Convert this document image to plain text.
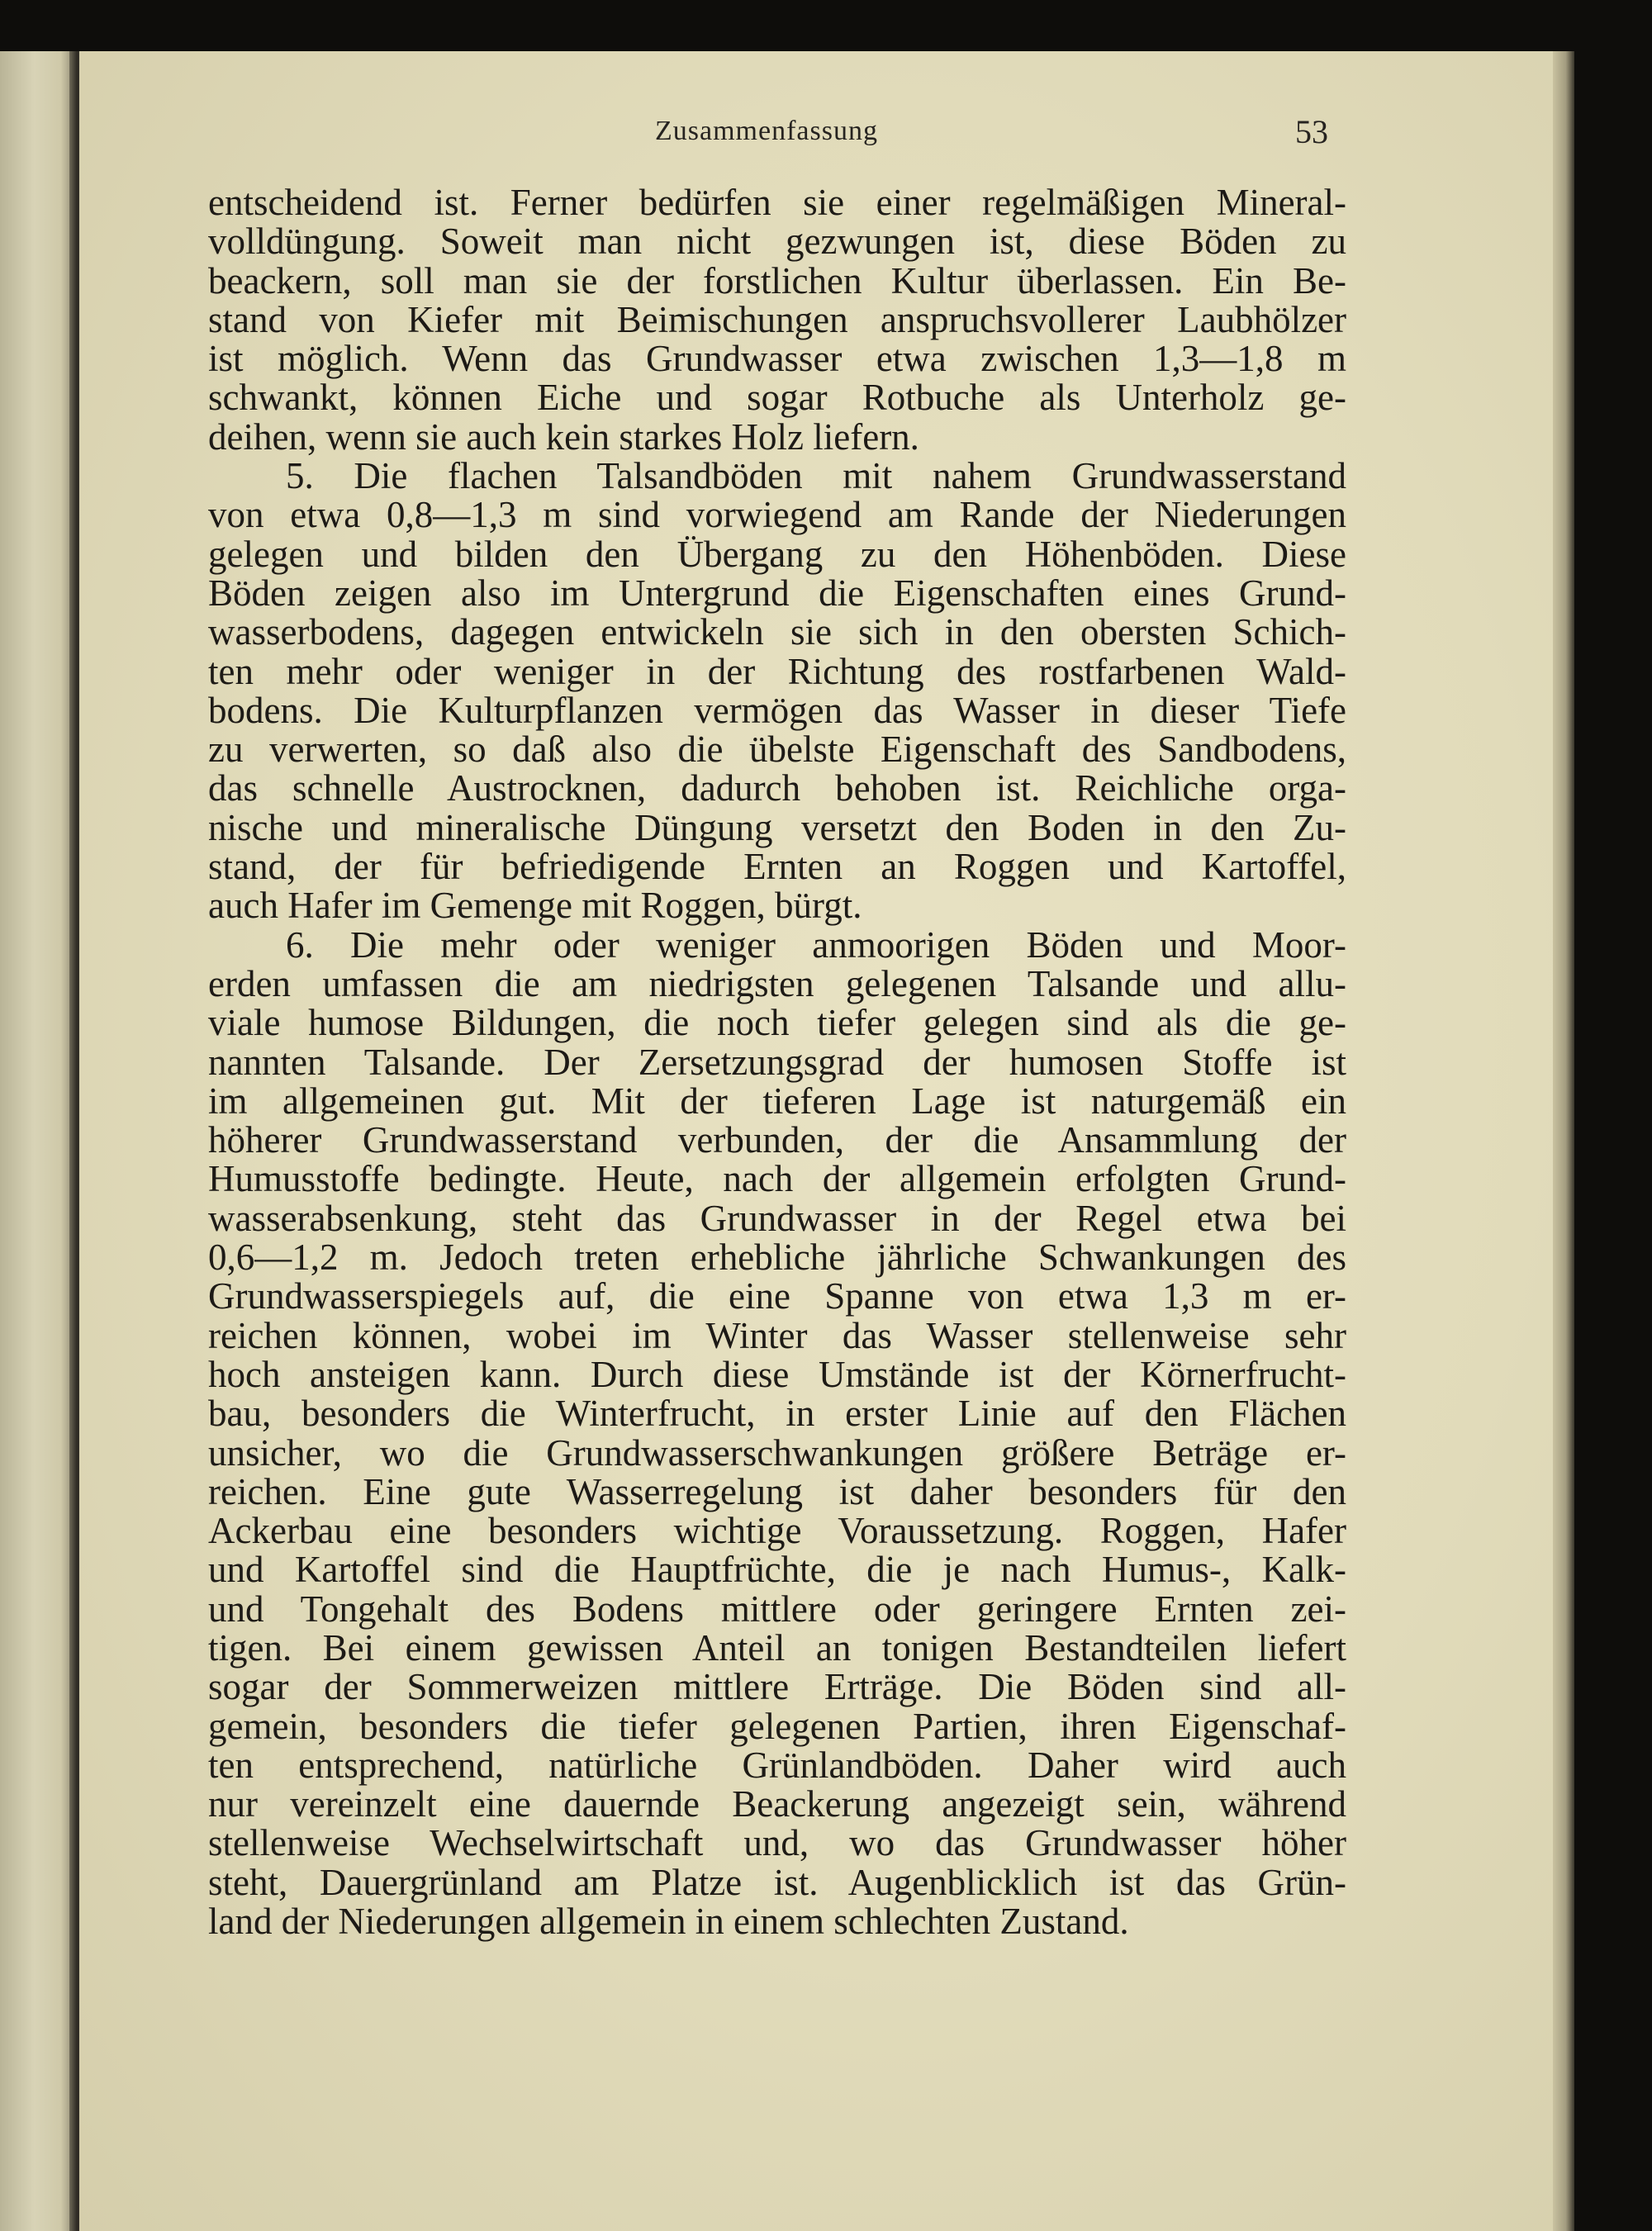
Zusammenfassung	53
entscheidend ist. Ferner bedürfen sie einer regelmäßigen Mineral-
volldüngung. Soweit man nicht gezwungen ist, diese Böden zu
beackern, soll man sie der forstlichen Kultur überlassen. Ein Be-
stand von Kiefer mit Beimischungen anspruchsvollerer Laubhölzer
ist möglich. Wenn das Grundwasser etwa zwischen 1,3—1,8 m
schwankt, können Eiche und sogar Rotbuche als Unterholz ge-
deihen, wenn sie auch kein starkes Holz liefern.
5. Die flachen Talsandböden mit nahem Grundwasserstand
von etwa 0,8—1,3 m sind vorwiegend am Rande der Niederungen
gelegen und bilden den Übergang zu den Höhenböden. Diese
Böden zeigen also im Untergrund die Eigenschaften eines Grund-
wasserbodens, dagegen entwickeln sie sich in den obersten Schich-
ten mehr oder weniger in der Richtung des rostfarbenen Wald-
bodens. Die Kulturpflanzen vermögen das Wasser in dieser Tiefe
zu verwerten, so daß also die übelste Eigenschaft des Sandbodens,
das schnelle Austrocknen, dadurch behoben ist. Reichliche orga-
nische und mineralische Düngung versetzt den Boden in den Zu-
stand, der für befriedigende Ernten an Roggen und Kartoffel,
auch Hafer im Gemenge mit Roggen, bürgt.
6. Die mehr oder weniger anmoorigen Böden und Moor-
erden umfassen die am niedrigsten gelegenen Talsande und allu-
viale humose Bildungen, die noch tiefer gelegen sind als die ge-
nannten Talsande. Der Zersetzungsgrad der humosen Stoffe ist
im allgemeinen gut. Mit der tieferen Lage ist naturgemäß ein
höherer Grundwasserstand verbunden, der die Ansammlung der
Humusstoffe bedingte. Heute, nach der allgemein erfolgten Grund-
wasserabsenkung, steht das Grundwasser in der Regel etwa bei
0,6—1,2 m. Jedoch treten erhebliche jährliche Schwankungen des
Grundwasserspiegels auf, die eine Spanne von etwa 1,3 m er-
reichen können, wobei im Winter das Wasser stellenweise sehr
hoch ansteigen kann. Durch diese Umstände ist der Körnerfrucht-
bau, besonders die Winterfrucht, in erster Linie auf den Flächen
unsicher, wo die Grundwasserschwankungen größere Beträge er-
reichen. Eine gute Wasserregelung ist daher besonders für den
Ackerbau eine besonders wichtige Voraussetzung. Roggen, Hafer
und Kartoffel sind die Hauptfrüchte, die je nach Humus-, Kalk-
und Tongehalt des Bodens mittlere oder geringere Ernten zei-
tigen. Bei einem gewissen Anteil an tonigen Bestandteilen liefert
sogar der Sommerweizen mittlere Erträge. Die Böden sind all-
gemein, besonders die tiefer gelegenen Partien, ihren Eigenschaf-
ten entsprechend, natürliche Grünlandböden. Daher wird auch
nur vereinzelt eine dauernde Beackerung angezeigt sein, während
stellenweise Wechselwirtschaft und, wo das Grundwasser höher
steht, Dauergrünland am Platze ist. Augenblicklich ist das Grün-
land der Niederungen allgemein in einem schlechten Zustand.
